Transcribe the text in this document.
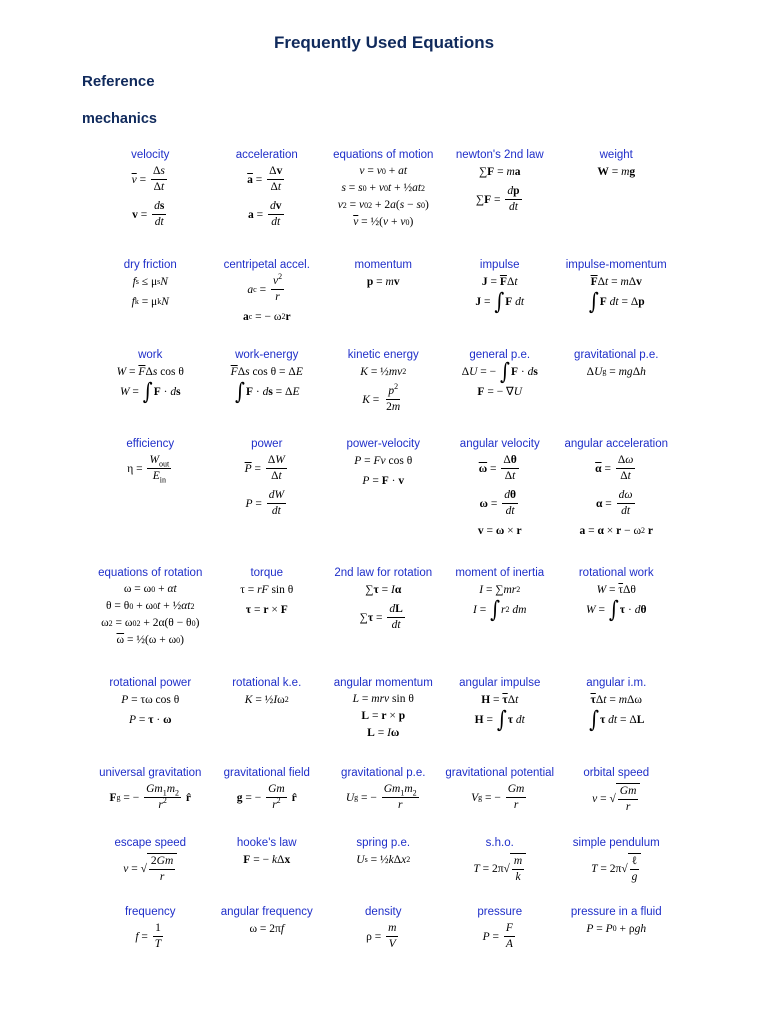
Frequently Used Equations
Reference
mechanics
velocity
$\overline{v} = \frac{\Delta s}{\Delta t}$
$v = \frac{ds}{dt}$
acceleration
$\overline{a} = \frac{\Delta v}{\Delta t}$
$a = \frac{dv}{dt}$
equations of motion
v = v 0 + at
s = s 0 + v 0 t + ½ at 2
v 2 = v 0 2 + 2 a ( s − s 0 )
$\overline{v}$ = ½( v + v 0 )
newton's 2nd law
∑ F = m a
∑ $F = \frac{dp}{dt}$
weight
W = m g
dry friction
f s ≤ μ s N
f k = μ k N
centripetal accel.
a $c = \frac{v^2}{r}$
a c = − ω 2 r
momentum
p = m v
impulse
$J = \overline{F}$ Δ t
J = ∫ F
dt
impulse-momentum
$\overline{F}$ Δ t = m Δ v
∫ F
dt = Δ p
work
$W = \overline{F}$ Δ s cos θ
W = ∫ F · d s
work-energy
$\overline{F}$ Δ s cos θ = Δ E
∫ F · d s = Δ E
kinetic energy
K = ½ mv 2
$K = \frac{p^2}{2m}$
general p.e.
Δ U = − ∫ F · d s
F = − ∇ U
gravitational p.e.
Δ U g = mg Δ h
efficiency
$\eta = \frac{W_{out}}{E_{in}}$
power
$\overline{P} = \frac{\Delta W}{\Delta t}$
$P = \frac{dW}{dt}$
power-velocity
P = Fv cos θ
P = F · v
angular velocity
$\overline{\omega} = \frac{\Delta\theta}{\Delta t}$
$\omega = \frac{d\theta}{dt}$
v = ω × r
angular acceleration
$\overline{\alpha} = \frac{\Delta\omega}{\Delta t}$
$\alpha = \frac{d\omega}{dt}$
a = α × r − ω 2
r
equations of rotation
ω = ω 0 + αt
θ = θ 0 + ω 0 t + ½ αt 2
ω 2 = ω 0 2 + 2α(θ − θ 0 )
$\overline{\omega}$ = ½(ω + ω 0 )
torque
τ = rF sin θ
τ = r × F
2nd law for rotation
∑ τ = I α
∑ $\tau = \frac{dL}{dt}$
moment of inertia
I = ∑ mr 2
I = ∫ r 2
dm
rotational work
$W = \overline{\tau}$ Δθ
W = ∫ τ · d θ
rotational power
P = τω cos θ
P = τ · ω
rotational k.e.
K = ½ I ω 2
angular momentum
L = mrv sin θ
L = r × p
L = I ω
angular impulse
$H = \overline{\tau}$ Δ t
H = ∫ τ
dt
angular i.m.
$\overline{\tau}$ Δ t = m Δω
∫ τ
dt = Δ L
universal gravitation
F g = − $\frac{Gm_1m_2}{r^2}$
r̂
gravitational field
g = − $\frac{Gm}{r^2}$
r̂
gravitational p.e.
U g = − $\frac{Gm_1m_2}{r}$
gravitational potential
V g = − $\frac{Gm}{r}$
orbital speed
v = √ $\frac{Gm}{r}$
escape speed
v = √ $\frac{2Gm}{r}$
hooke's law
F = − k Δ x
spring p.e.
U s = ½ k Δ x 2
s.h.o.
T = 2π √ $\frac{m}{k}$
simple pendulum
T = 2π √ $\frac{\text{ℓ}}{g}$
frequency
$f = \frac{1}{T}$
angular frequency
ω = 2π f
density
$\rho = \frac{m}{V}$
pressure
$P = \frac{F}{A}$
pressure in a fluid
P = P 0 + ρ gh
